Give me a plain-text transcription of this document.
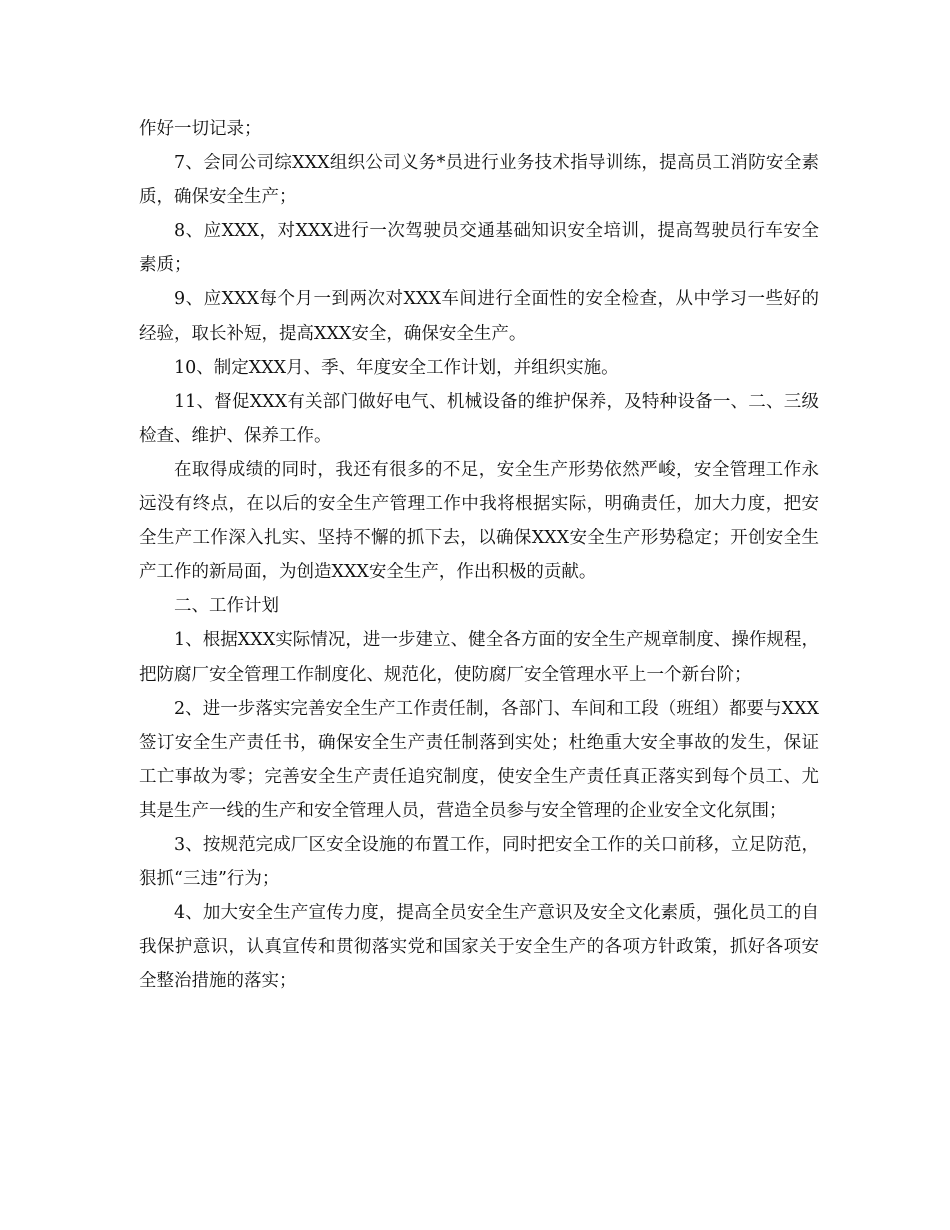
作好一切记录；

7、会同公司综XXX组织公司义务*员进行业务技术指导训练，提高员工消防安全素质，确保安全生产；

8、应XXX，对XXX进行一次驾驶员交通基础知识安全培训，提高驾驶员行车安全素质；

9、应XXX每个月一到两次对XXX车间进行全面性的安全检查，从中学习一些好的经验，取长补短，提高XXX安全，确保安全生产。

10、制定XXX月、季、年度安全工作计划，并组织实施。

11、督促XXX有关部门做好电气、机械设备的维护保养，及特种设备一、二、三级检查、维护、保养工作。

在取得成绩的同时，我还有很多的不足，安全生产形势依然严峻，安全管理工作永远没有终点，在以后的安全生产管理工作中我将根据实际，明确责任，加大力度，把安全生产工作深入扎实、坚持不懈的抓下去，以确保XXX安全生产形势稳定；开创安全生产工作的新局面，为创造XXX安全生产，作出积极的贡献。

二、工作计划

1、根据XXX实际情况，进一步建立、健全各方面的安全生产规章制度、操作规程，把防腐厂安全管理工作制度化、规范化，使防腐厂安全管理水平上一个新台阶；

2、进一步落实完善安全生产工作责任制，各部门、车间和工段（班组）都要与XXX签订安全生产责任书，确保安全生产责任制落到实处；杜绝重大安全事故的发生，保证工亡事故为零；完善安全生产责任追究制度，使安全生产责任真正落实到每个员工、尤其是生产一线的生产和安全管理人员，营造全员参与安全管理的企业安全文化氛围；

3、按规范完成厂区安全设施的布置工作，同时把安全工作的关口前移，立足防范，狠抓“三违”行为；

4、加大安全生产宣传力度，提高全员安全生产意识及安全文化素质，强化员工的自我保护意识，认真宣传和贯彻落实党和国家关于安全生产的各项方针政策，抓好各项安全整治措施的落实；
